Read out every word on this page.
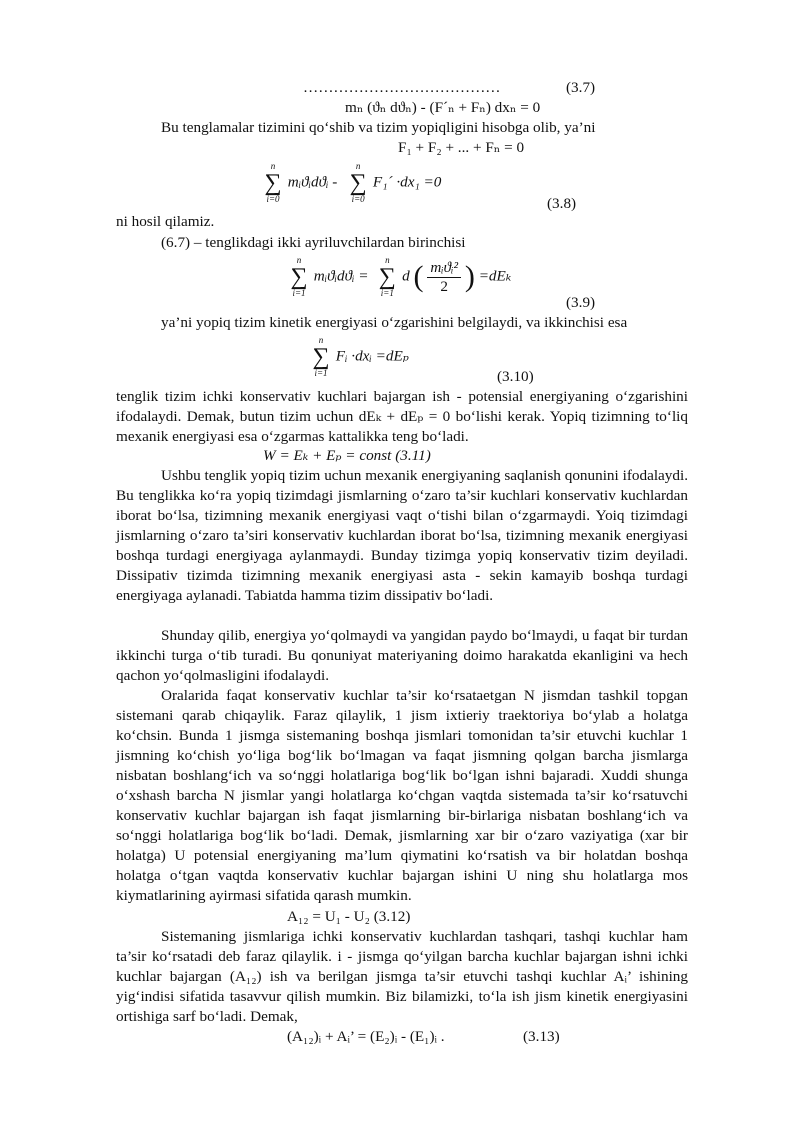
…………………………………	(3.7)
mₙ (ϑₙ dϑₙ) - (F´ₙ + Fₙ) dxₙ = 0
Bu tenglamalar tizimini qo‘shib va tizim yopiqligini hisobga olib, ya’ni
F₁ + F₂ + ... + Fₙ = 0
n
∑
i=0
mᵢϑᵢdϑᵢ -
n
∑
i=0
F₁´ ·dx₁ =0
(3.8)
ni hosil qilamiz.
(6.7) – tenglikdagi ikki ayriluvchilardan birinchisi
n
∑
i=1
mᵢϑᵢdϑᵢ =
n
∑
i=1
d ( $\frac{\text{mᵢϑᵢ²}}{2}$ ) =dEₖ
(3.9)
ya’ni yopiq tizim kinetik energiyasi o‘zgarishini belgilaydi, va ikkinchisi esa
n
∑
i=1
Fᵢ ·dxᵢ =dEₚ
(3.10)
tenglik tizim ichki konservativ kuchlari bajargan ish - potensial energiyaning o‘zgarishini ifodalaydi. Demak, butun tizim uchun dEₖ + dEₚ = 0 bo‘lishi kerak. Yopiq tizimning to‘liq mexanik energiyasi esa o‘zgarmas kattalikka teng bo‘ladi.
W = Eₖ + Eₚ = const (3.11)
Ushbu tenglik yopiq tizim uchun mexanik energiyaning saqlanish qonunini ifodalaydi. Bu tenglikka ko‘ra yopiq tizimdagi jismlarning o‘zaro ta’sir kuchlari konservativ kuchlardan iborat bo‘lsa, tizimning mexanik energiyasi vaqt o‘tishi bilan o‘zgarmaydi. Yoiq tizimdagi jismlarning o‘zaro ta’siri konservativ kuchlardan iborat bo‘lsa, tizimning mexanik energiyasi boshqa turdagi energiyaga aylanmaydi. Bunday tizimga yopiq konservativ tizim deyiladi. Dissipativ tizimda tizimning mexanik energiyasi asta - sekin kamayib boshqa turdagi energiyaga aylanadi. Tabiatda hamma tizim dissipativ bo‘ladi.
Shunday qilib, energiya yo‘qolmaydi va yangidan paydo bo‘lmaydi, u faqat bir turdan ikkinchi turga o‘tib turadi. Bu qonuniyat materiyaning doimo harakatda ekanligini va hech qachon yo‘qolmasligini ifodalaydi.
Oralarida faqat konservativ kuchlar ta’sir ko‘rsataetgan N jismdan tashkil topgan sistemani qarab chiqaylik. Faraz qilaylik, 1 jism ixtieriy traektoriya bo‘ylab a holatga ko‘chsin. Bunda 1 jismga sistemaning boshqa jismlari tomonidan ta’sir etuvchi kuchlar 1 jismning ko‘chish yo‘liga bog‘lik bo‘lmagan va faqat jismning qolgan barcha jismlarga nisbatan boshlang‘ich va so‘nggi holatlariga bog‘lik bo‘lgan ishni bajaradi. Xuddi shunga o‘xshash barcha N jismlar yangi holatlarga ko‘chgan vaqtda sistemada ta’sir ko‘rsatuvchi konservativ kuchlar bajargan ish faqat jismlarning bir-birlariga nisbatan boshlang‘ich va so‘nggi holatlariga bog‘lik bo‘ladi. Demak, jismlarning xar bir o‘zaro vaziyatiga (xar bir holatga) U potensial energiyaning ma’lum qiymatini ko‘rsatish va bir holatdan boshqa holatga o‘tgan vaqtda konservativ kuchlar bajargan ishini U ning shu holatlarga mos kiymatlarining ayirmasi sifatida qarash mumkin.
A₁₂ = U₁ - U₂ (3.12)
Sistemaning jismlariga ichki konservativ kuchlardan tashqari, tashqi kuchlar ham ta’sir ko‘rsatadi deb faraz qilaylik. i - jismga qo‘yilgan barcha kuchlar bajargan ishni ichki kuchlar bajargan (A₁₂) ish va berilgan jismga ta’sir etuvchi tashqi kuchlar Aᵢ’ ishining yig‘indisi sifatida tasavvur qilish mumkin. Biz bilamizki, to‘la ish jism kinetik energiyasini ortishiga sarf bo‘ladi. Demak,
(A₁₂)ᵢ + Aᵢ’ = (E₂)ᵢ - (E₁)ᵢ .	(3.13)
